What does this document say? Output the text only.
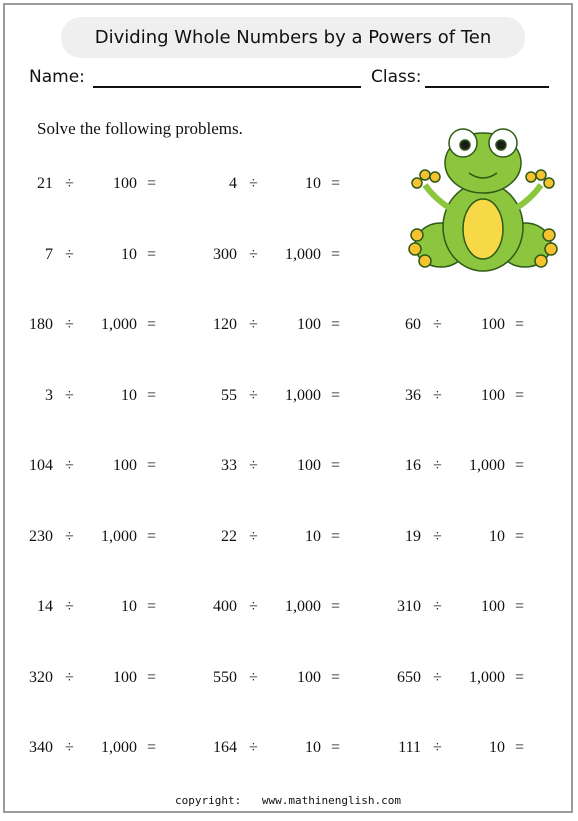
Dividing Whole Numbers by a Powers of Ten
Name:	Class:
Solve the following problems.
21 ÷	100 =	4 ÷	10 =
7 ÷	10 =	300 ÷	1,000 =
180 ÷	1,000 =	120 ÷	100 =	60 ÷	100 =
3 ÷	10 =	55 ÷	1,000 =	36 ÷	100 =
104 ÷	100 =	33 ÷	100 =	16 ÷	1,000 =
230 ÷	1,000 =	22 ÷	10 =	19 ÷	10 =
14 ÷	10 =	400 ÷	1,000 =	310 ÷	100 =
320 ÷	100 =	550 ÷	100 =	650 ÷	1,000 =
340 ÷	1,000 =	164 ÷	10 =	111 ÷	10 =
copyright: www.mathinenglish.com
